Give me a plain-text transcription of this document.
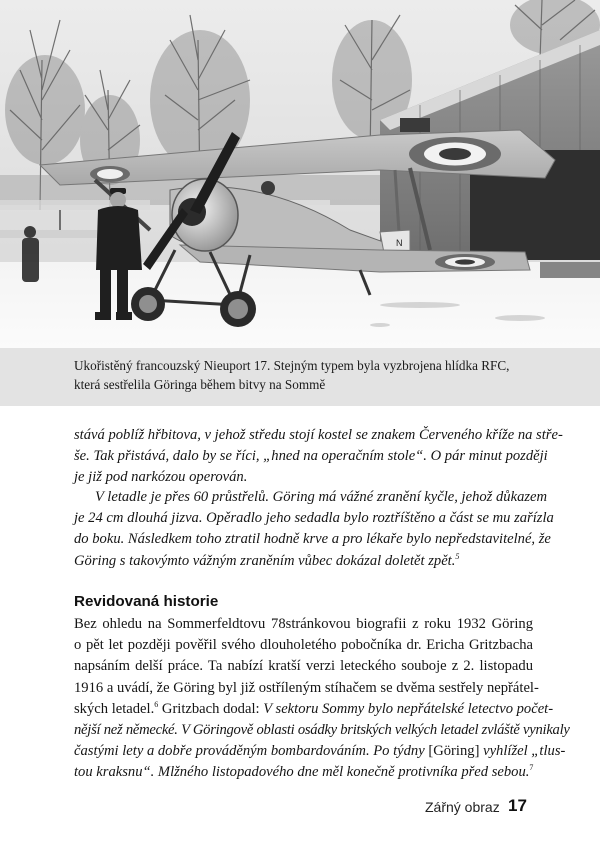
N
Ukořistěný francouzský Nieuport 17. Stejným typem byla vyzbrojena hlídka RFC,
která sestřelila Göringa během bitvy na Sommě
stává poblíž hřbitova, v jehož středu stojí kostel se znakem Červeného kříže na stře-
še. Tak přistává, dalo by se říci, „hned na operačním stole“. O pár minut později
je již pod narkózou operován.
V letadle je přes 60 průstřelů. Göring má vážné zranění kyčle, jehož důkazem
je 24 cm dlouhá jizva. Opěradlo jeho sedadla bylo roztříštěno a část se mu zařízla
do boku. Následkem toho ztratil hodně krve a pro lékaře bylo nepředstavitelné, že
Göring s takovýmto vážným zraněním vůbec dokázal doletět zpět.$^5$
Revidovaná historie
Bez ohledu na Sommerfeldtovu 78stránkovou biografii z roku 1932 Göring
o pět let později pověřil svého dlouholetého pobočníka dr. Ericha Gritzbacha
napsáním delší práce. Ta nabízí kratší verzi leteckého souboje z 2. listopadu
1916 a uvádí, že Göring byl již ostříleným stíhačem se dvěma sestřely nepřátel-
ských letadel.$^6$ Gritzbach dodal: V sektoru Sommy bylo nepřátelské letectvo počet-
nější než německé. V Göringově oblasti osádky britských velkých letadel zvláště vynikaly
častými lety a dobře prováděným bombardováním. Po týdny [Göring] vyhlížel „tlus-
tou kraksnu“. Mlžného listopadového dne měl konečně protivníka před sebou.$^7$
Zářný obraz 17
